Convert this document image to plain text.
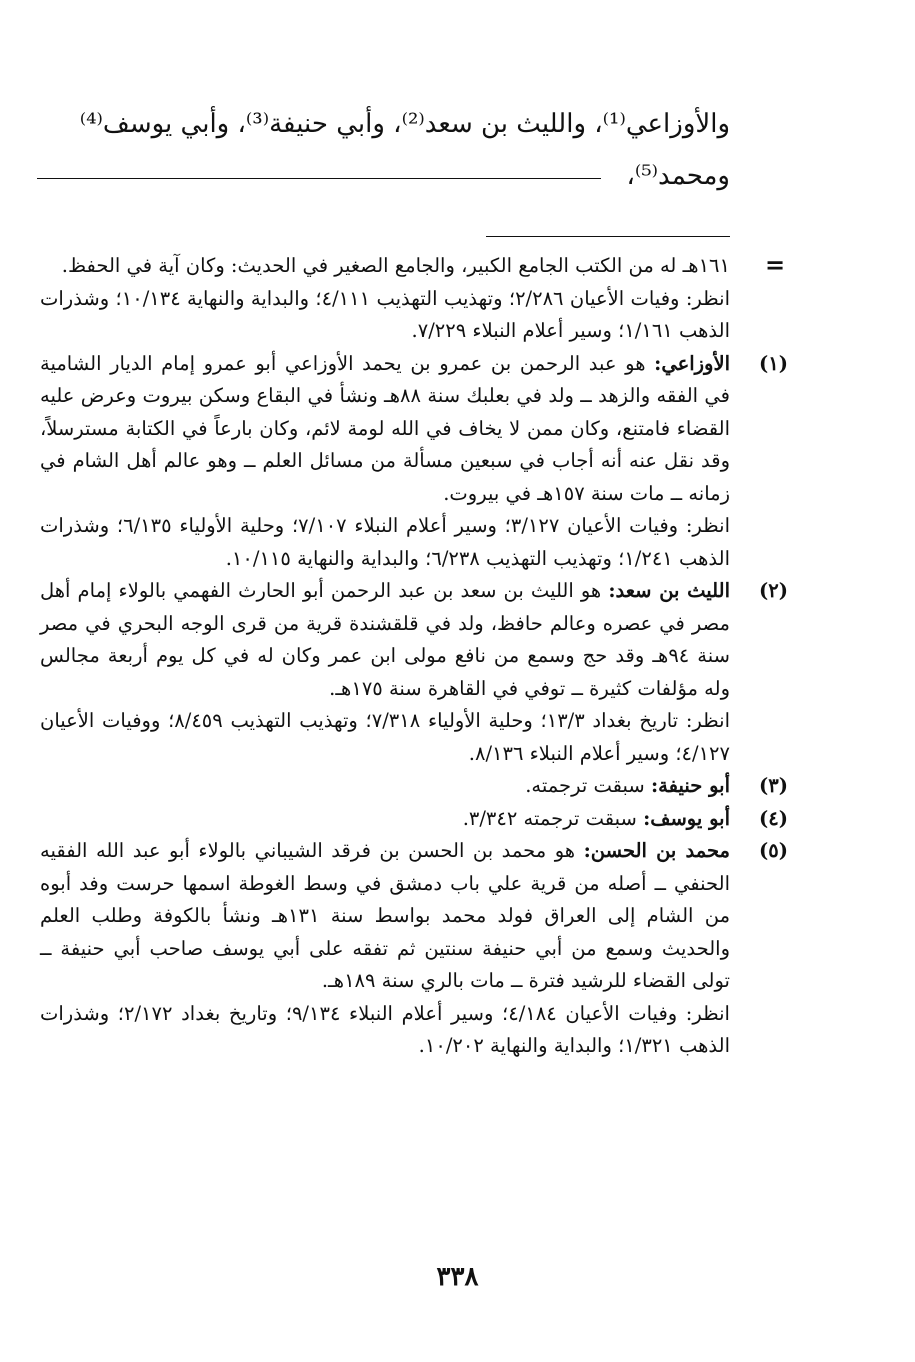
والأوزاعي⁽¹⁾، والليث بن سعد⁽²⁾، وأبي حنيفة⁽³⁾، وأبي يوسف⁽⁴⁾
ومحمد⁽⁵⁾،
=

١٦١هـ له من الكتب الجامع الكبير، والجامع الصغير في الحديث: وكان آية في الحفظ.

انظر: وفيات الأعيان ٢/٢٨٦؛ وتهذيب التهذيب ٤/١١١؛ والبداية والنهاية ١٠/١٣٤؛ وشذرات الذهب ١/١٦١؛ وسير أعلام النبلاء ٧/٢٢٩.

(١)

الأوزاعي: هو عبد الرحمن بن عمرو بن يحمد الأوزاعي أبو عمرو إمام الديار الشامية في الفقه والزهد ــ ولد في بعلبك سنة ٨٨هـ ونشأ في البقاع وسكن بيروت وعرض عليه القضاء فامتنع، وكان ممن لا يخاف في الله لومة لائم، وكان بارعاً في الكتابة مسترسلاً، وقد نقل عنه أنه أجاب في سبعين مسألة من مسائل العلم ــ وهو عالم أهل الشام في زمانه ــ مات سنة ١٥٧هـ في بيروت.

انظر: وفيات الأعيان ٣/١٢٧؛ وسير أعلام النبلاء ٧/١٠٧؛ وحلية الأولياء ٦/١٣٥؛ وشذرات الذهب ١/٢٤١؛ وتهذيب التهذيب ٦/٢٣٨؛ والبداية والنهاية ١٠/١١٥.

(٢)

الليث بن سعد: هو الليث بن سعد بن عبد الرحمن أبو الحارث الفهمي بالولاء إمام أهل مصر في عصره وعالم حافظ، ولد في قلقشندة قرية من قرى الوجه البحري في مصر سنة ٩٤هـ وقد حج وسمع من نافع مولى ابن عمر وكان له في كل يوم أربعة مجالس وله مؤلفات كثيرة ــ توفي في القاهرة سنة ١٧٥هـ.

انظر: تاريخ بغداد ١٣/٣؛ وحلية الأولياء ٧/٣١٨؛ وتهذيب التهذيب ٨/٤٥٩؛ ووفيات الأعيان ٤/١٢٧؛ وسير أعلام النبلاء ٨/١٣٦.

(٣)

أبو حنيفة: سبقت ترجمته.

(٤)

أبو يوسف: سبقت ترجمته ٣/٣٤٢.

(٥)

محمد بن الحسن: هو محمد بن الحسن بن فرقد الشيباني بالولاء أبو عبد الله الفقيه الحنفي ــ أصله من قرية علي باب دمشق في وسط الغوطة اسمها حرست وفد أبوه من الشام إلى العراق فولد محمد بواسط سنة ١٣١هـ ونشأ بالكوفة وطلب العلم والحديث وسمع من أبي حنيفة سنتين ثم تفقه على أبي يوسف صاحب أبي حنيفة ــ تولى القضاء للرشيد فترة ــ مات بالري سنة ١٨٩هـ.

انظر: وفيات الأعيان ٤/١٨٤؛ وسير أعلام النبلاء ٩/١٣٤؛ وتاريخ بغداد ٢/١٧٢؛ وشذرات الذهب ١/٣٢١؛ والبداية والنهاية ١٠/٢٠٢.

٣٣٨
